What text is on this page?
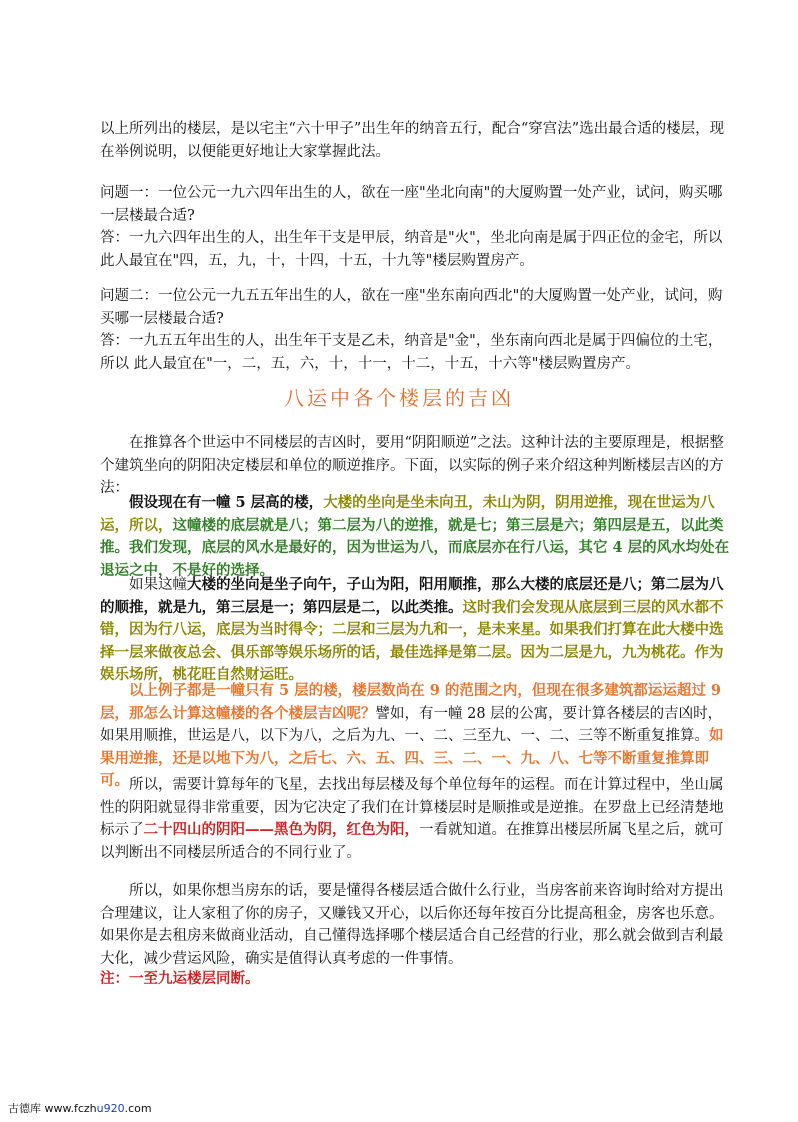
以上所列出的楼层，是以宅主“六十甲子”出生年的纳音五行，配合“穿宫法”选出最合适的楼层，现在举例说明，以便能更好地让大家掌握此法。

问题一：一位公元一九六四年出生的人，欲在一座"坐北向南"的大厦购置一处产业，试问，购买哪一层楼最合适?

答：一九六四年出生的人，出生年干支是甲辰，纳音是"火"，坐北向南是属于四正位的金宅，所以此人最宜在"四，五，九，十，十四，十五，十九等"楼层购置房产。

问题二：一位公元一九五五年出生的人，欲在一座"坐东南向西北"的大厦购置一处产业，试问，购买哪一层楼最合适?

答：一九五五年出生的人，出生年干支是乙未，纳音是"金"，坐东南向西北是属于四偏位的土宅，所以 此人最宜在"一，二，五，六，十，十一，十二，十五，十六等"楼层购置房产。

八运中各个楼层的吉凶

在推算各个世运中不同楼层的吉凶时，要用“阴阳顺逆”之法。这种计法的主要原理是，根据整个建筑坐向的阴阳决定楼层和单位的顺逆推序。下面，以实际的例子来介绍这种判断楼层吉凶的方法：

假设现在有一幢 5 层高的楼，大楼的坐向是坐未向丑，未山为阴，阴用逆推，现在世运为八运，所以，这幢楼的底层就是八；第二层为八的逆推，就是七；第三层是六；第四层是五，以此类推。我们发现，底层的风水是最好的，因为世运为八，而底层亦在行八运，其它 4 层的风水均处在退运之中，不是好的选择。

如果这幢大楼的坐向是坐子向午，子山为阳，阳用顺推，那么大楼的底层还是八；第二层为八的顺推，就是九，第三层是一；第四层是二，以此类推。这时我们会发现从底层到三层的风水都不错，因为行八运，底层为当时得令；二层和三层为九和一，是未来星。如果我们打算在此大楼中选择一层来做夜总会、俱乐部等娱乐场所的话，最佳选择是第二层。因为二层是九，九为桃花。作为娱乐场所，桃花旺自然财运旺。

以上例子都是一幢只有 5 层的楼，楼层数尚在 9 的范围之内，但现在很多建筑都运运超过 9 层，那怎么计算这幢楼的各个楼层吉凶呢？譬如，有一幢 28 层的公寓，要计算各楼层的吉凶时，如果用顺推，世运是八，以下为八，之后为九、一、二、三至九、一、二、三等不断重复推算。如果用逆推，还是以地下为八，之后七、六、五、四、三、二、一、九、八、七等不断重复推算即可。 所以，需要计算每年的飞星，去找出每层楼及每个单位每年的运程。而在计算过程中，坐山属性的阴阳就显得非常重要，因为它决定了我们在计算楼层时是顺推或是逆推。在罗盘上已经清楚地标示了二十四山的阴阳——黑色为阴，红色为阳，一看就知道。在推算出楼层所属飞星之后，就可以判断出不同楼层所适合的不同行业了。

所以，如果你想当房东的话，要是懂得各楼层适合做什么行业，当房客前来咨询时给对方提出合理建议，让人家租了你的房子，又赚钱又开心，以后你还每年按百分比提高租金，房客也乐意。如果你是去租房来做商业活动，自己懂得选择哪个楼层适合自己经营的行业，那么就会做到吉利最大化，减少营运风险，确实是值得认真考虑的一件事情。

注：一至九运楼层同断。

古德库 www.fczhu920.com
